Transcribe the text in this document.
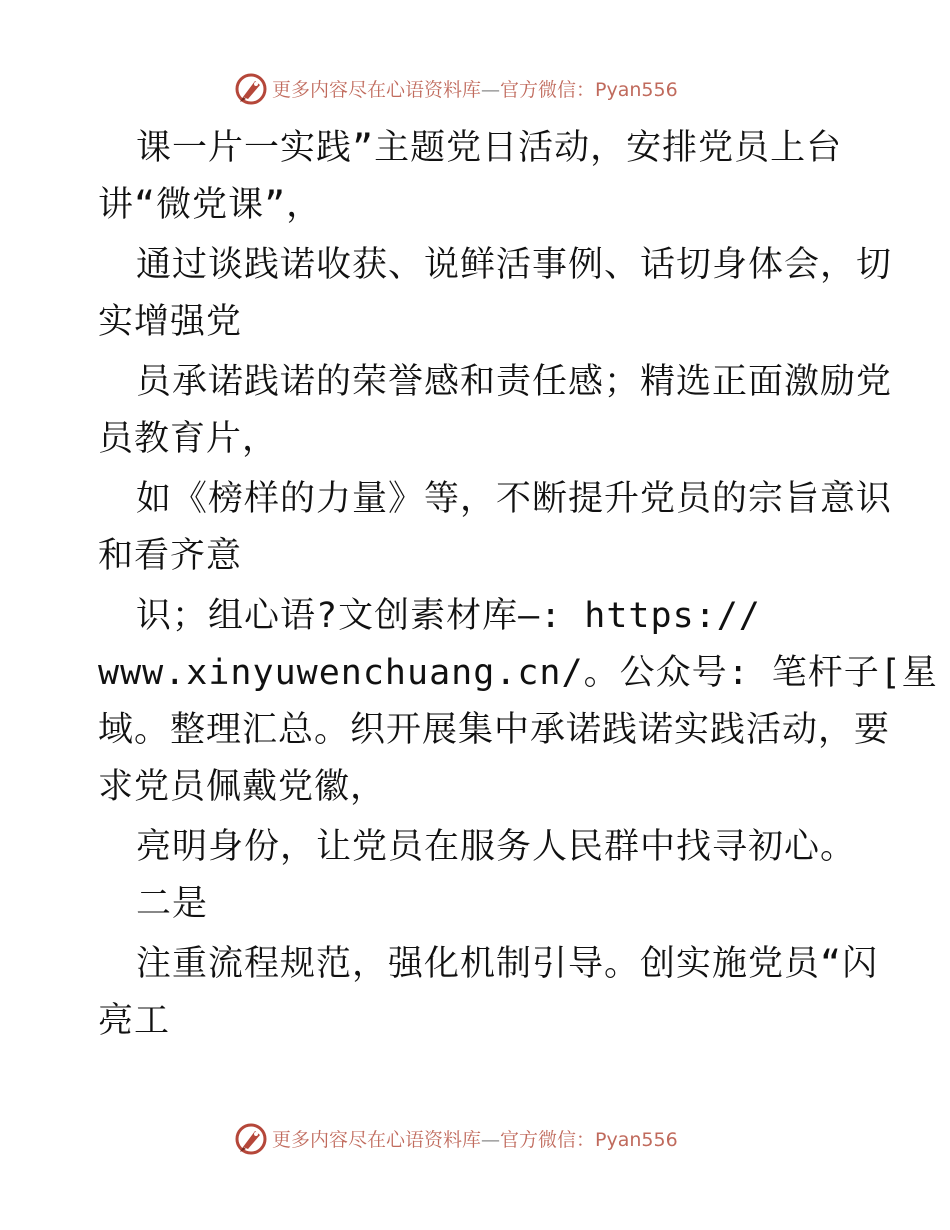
更多内容尽在心语资料库—官方微信：Pyan556
课一片一实践”主题党日活动，安排党员上台
讲“微党课”，
通过谈践诺收获、说鲜活事例、话切身体会，切
实增强党
员承诺践诺的荣誉感和责任感；精选正面激励党
员教育片，
如《榜样的力量》等，不断提升党员的宗旨意识
和看齐意
识；组心语?文创素材库—: https://
www.xinyuwenchuang.cn/。公众号: 笔杆子[星
域。整理汇总。织开展集中承诺践诺实践活动，要
求党员佩戴党徽，
亮明身份，让党员在服务人民群中找寻初心。
二是
注重流程规范，强化机制引导。创实施党员“闪
亮工
更多内容尽在心语资料库—官方微信：Pyan556
